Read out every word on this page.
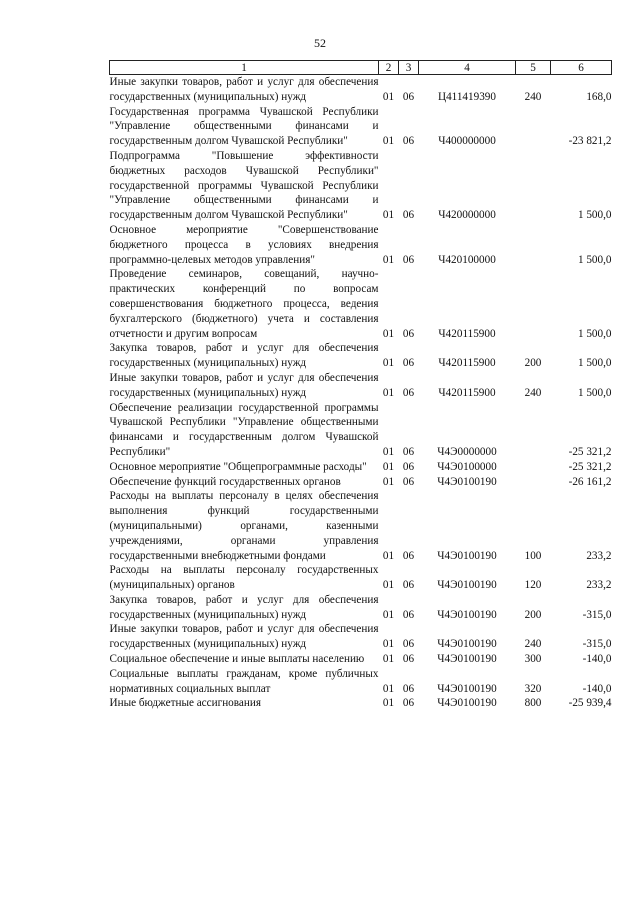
52
1	2	3	4	5	6
Иные закупки товаров, работ и услуг для обеспечения государственных (муниципальных) нужд	01	06	Ц411419390	240	168,0
Государственная программа Чувашской Республики "Управление общественными финансами и государственным долгом Чувашской Республики"	01	06	Ч400000000		-23 821,2
Подпрограмма "Повышение эффективности бюджетных расходов Чувашской Республики" государственной программы Чувашской Республики "Управление общественными финансами и государственным долгом Чувашской Республики"	01	06	Ч420000000		1 500,0
Основное мероприятие "Совершенствование бюджетного процесса в условиях внедрения программно-целевых методов управления"	01	06	Ч420100000		1 500,0
Проведение семинаров, совещаний, научно-практических конференций по вопросам совершенствования бюджетного процесса, ведения бухгалтерского (бюджетного) учета и составления отчетности и другим вопросам	01	06	Ч420115900		1 500,0
Закупка товаров, работ и услуг для обеспечения государственных (муниципальных) нужд	01	06	Ч420115900	200	1 500,0
Иные закупки товаров, работ и услуг для обеспечения государственных (муниципальных) нужд	01	06	Ч420115900	240	1 500,0
Обеспечение реализации государственной программы Чувашской Республики "Управление общественными финансами и государственным долгом Чувашской Республики"	01	06	Ч4Э0000000		-25 321,2
Основное мероприятие "Общепрограммные расходы"	01	06	Ч4Э0100000		-25 321,2
Обеспечение функций государственных органов	01	06	Ч4Э0100190		-26 161,2
Расходы на выплаты персоналу в целях обеспечения выполнения функций государственными (муниципальными) органами, казенными учреждениями, органами управления государственными внебюджетными фондами	01	06	Ч4Э0100190	100	233,2
Расходы на выплаты персоналу государственных (муниципальных) органов	01	06	Ч4Э0100190	120	233,2
Закупка товаров, работ и услуг для обеспечения государственных (муниципальных) нужд	01	06	Ч4Э0100190	200	-315,0
Иные закупки товаров, работ и услуг для обеспечения государственных (муниципальных) нужд	01	06	Ч4Э0100190	240	-315,0
Социальное обеспечение и иные выплаты населению	01	06	Ч4Э0100190	300	-140,0
Социальные выплаты гражданам, кроме публичных нормативных социальных выплат	01	06	Ч4Э0100190	320	-140,0
Иные бюджетные ассигнования	01	06	Ч4Э0100190	800	-25 939,4
